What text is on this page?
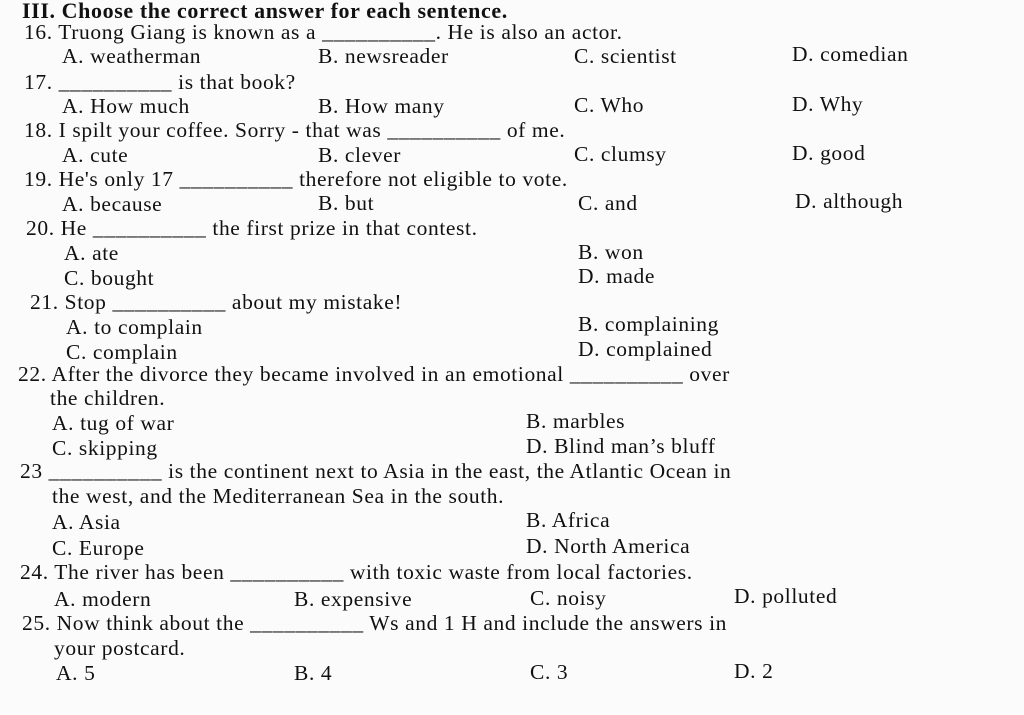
III. Choose the correct answer for each sentence.
16. Truong Giang is known as a __________. He is also an actor.
A. weatherman	B. newsreader	C. scientist	D. comedian
17. __________ is that book?
A. How much	B. How many	C. Who	D. Why
18. I spilt your coffee. Sorry - that was __________ of me.
A. cute	B. clever	C. clumsy	D. good
19. He's only 17 __________ therefore not eligible to vote.
A. because	B. but	C. and	D. although
20. He __________ the first prize in that contest.
A. ate	B. won
C. bought	D. made
21. Stop __________ about my mistake!
A. to complain	B. complaining
C. complain	D. complained
22. After the divorce they became involved in an emotional __________ over
the children.
A. tug of war	B. marbles
C. skipping	D. Blind man’s bluff
23 __________ is the continent next to Asia in the east, the Atlantic Ocean in
the west, and the Mediterranean Sea in the south.
A. Asia	B. Africa
C. Europe	D. North America
24. The river has been __________ with toxic waste from local factories.
A. modern	B. expensive	C. noisy	D. polluted
25. Now think about the __________ Ws and 1 H and include the answers in
your postcard.
A. 5	B. 4	C. 3	D. 2
